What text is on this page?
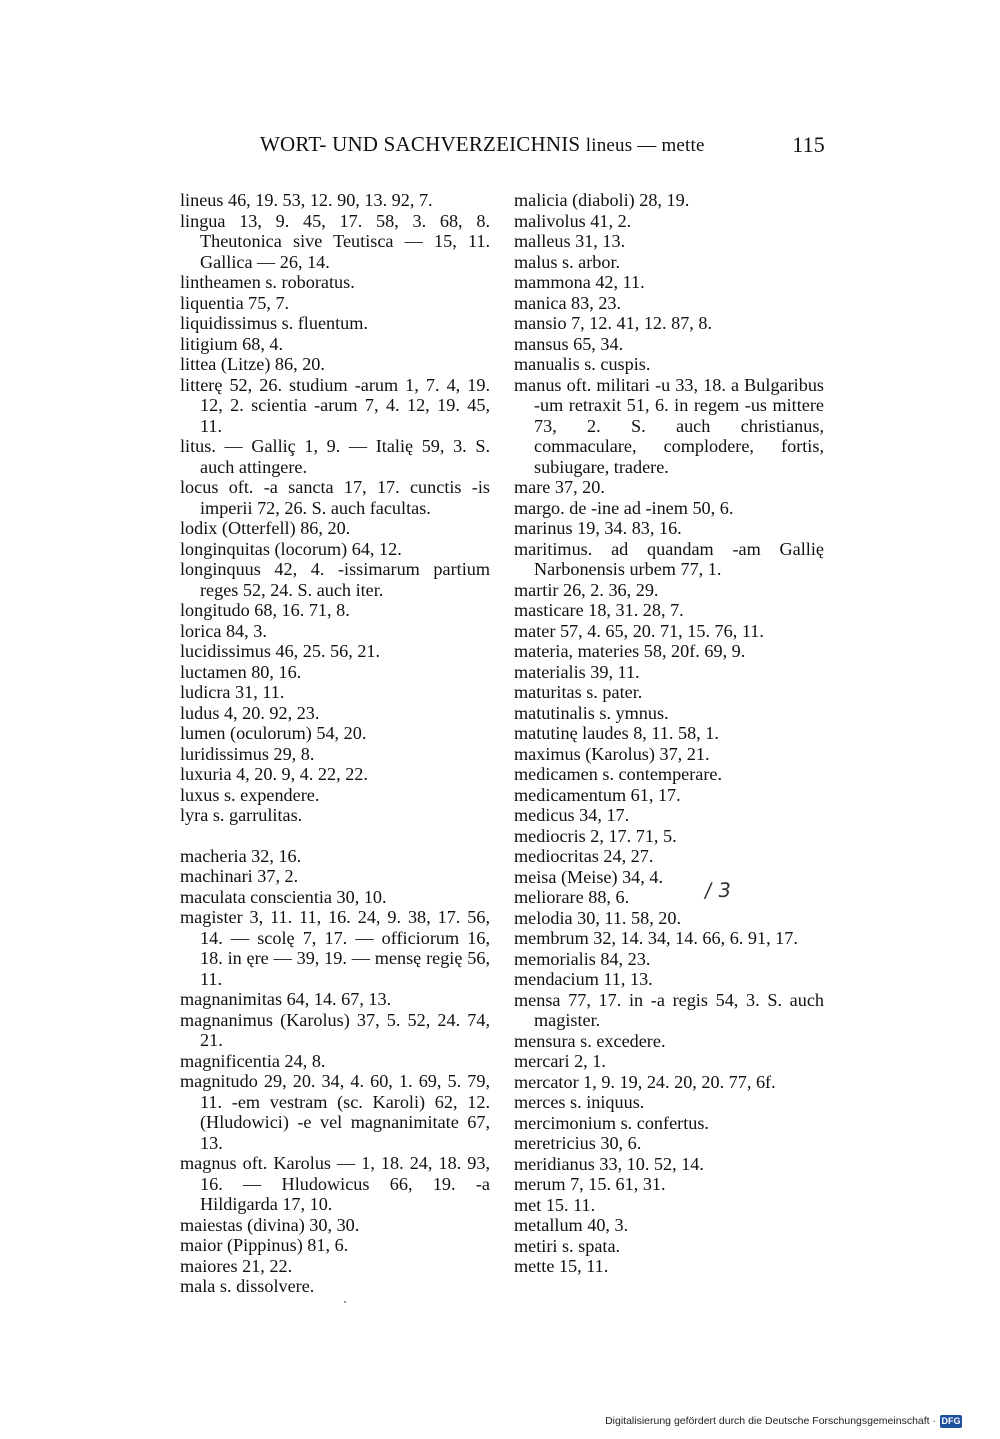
WORT- UND SACHVERZEICHNIS lineus — mette	115

lineus 46, 19. 53, 12. 90, 13. 92, 7.

lingua 13, 9. 45, 17. 58, 3. 68, 8. Theutonica sive Teutisca — 15, 11. Gallica — 26, 14.

lintheamen s. roboratus.

liquentia 75, 7.

liquidissimus s. fluentum.

litigium 68, 4.

littea (Litze) 86, 20.

litterę 52, 26. studium -arum 1, 7. 4, 19. 12, 2. scientia -arum 7, 4. 12, 19. 45, 11.

litus. — Galliç 1, 9. — Italię 59, 3. S. auch attingere.

locus oft. -a sancta 17, 17. cunctis -is imperii 72, 26. S. auch facultas.

lodix (Otterfell) 86, 20.

longinquitas (locorum) 64, 12.

longinquus 42, 4. -issimarum partium reges 52, 24. S. auch iter.

longitudo 68, 16. 71, 8.

lorica 84, 3.

lucidissimus 46, 25. 56, 21.

luctamen 80, 16.

ludicra 31, 11.

ludus 4, 20. 92, 23.

lumen (oculorum) 54, 20.

luridissimus 29, 8.

luxuria 4, 20. 9, 4. 22, 22.

luxus s. expendere.

lyra s. garrulitas.

macheria 32, 16.

machinari 37, 2.

maculata conscientia 30, 10.

magister 3, 11. 11, 16. 24, 9. 38, 17. 56, 14. — scolę 7, 17. — officiorum 16, 18. in ęre — 39, 19. — mensę regię 56, 11.

magnanimitas 64, 14. 67, 13.

magnanimus (Karolus) 37, 5. 52, 24. 74, 21.

magnificentia 24, 8.

magnitudo 29, 20. 34, 4. 60, 1. 69, 5. 79, 11. -em vestram (sc. Karoli) 62, 12. (Hludowici) -e vel magnanimitate 67, 13.

magnus oft. Karolus — 1, 18. 24, 18. 93, 16. — Hludowicus 66, 19. -a Hildigarda 17, 10.

maiestas (divina) 30, 30.

maior (Pippinus) 81, 6.

maiores 21, 22.

mala s. dissolvere.

malicia (diaboli) 28, 19.

malivolus 41, 2.

malleus 31, 13.

malus s. arbor.

mammona 42, 11.

manica 83, 23.

mansio 7, 12. 41, 12. 87, 8.

mansus 65, 34.

manualis s. cuspis.

manus oft. militari -u 33, 18. a Bulgaribus -um retraxit 51, 6. in regem -us mittere 73, 2. S. auch christianus, commaculare, complodere, fortis, subiugare, tradere.

mare 37, 20.

margo. de -ine ad -inem 50, 6.

marinus 19, 34. 83, 16.

maritimus. ad quandam -am Gallię Narbonensis urbem 77, 1.

martir 26, 2. 36, 29.

masticare 18, 31. 28, 7.

mater 57, 4. 65, 20. 71, 15. 76, 11.

materia, materies 58, 20f. 69, 9.

materialis 39, 11.

maturitas s. pater.

matutinalis s. ymnus.

matutinę laudes 8, 11. 58, 1.

maximus (Karolus) 37, 21.

medicamen s. contemperare.

medicamentum 61, 17.

medicus 34, 17.

mediocris 2, 17. 71, 5.

mediocritas 24, 27.

meisa (Meise) 34, 4.

meliorare 88, 6.

melodia 30, 11. 58, 20.

membrum 32, 14. 34, 14. 66, 6. 91, 17.

memorialis 84, 23.

mendacium 11, 13.

mensa 77, 17. in -a regis 54, 3. S. auch magister.

mensura s. excedere.

mercari 2, 1.

mercator 1, 9. 19, 24. 20, 20. 77, 6f.

merces s. iniquus.

mercimonium s. confertus.

meretricius 30, 6.

meridianus 33, 10. 52, 14.

merum 7, 15. 61, 31.

met 15. 11.

metallum 40, 3.

metiri s. spata.

mette 15, 11.

/ 3
Digitalisierung gefördert durch die Deutsche Forschungsgemeinschaft · DFG
